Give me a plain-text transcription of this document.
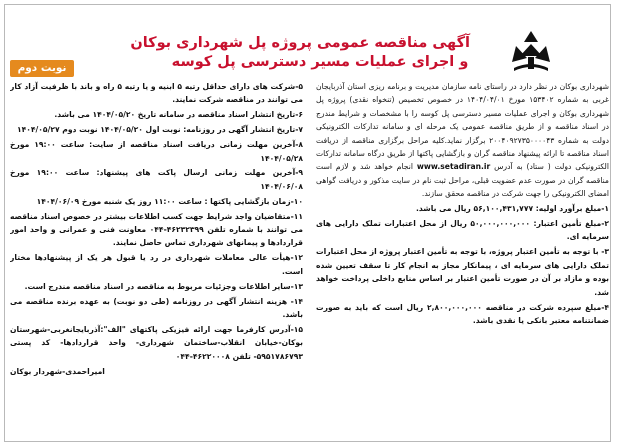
آگهی مناقصه عمومی پروژه پل شهرداری بوکان
و اجرای عملیات مسیر دسترسی پل کوسه
نوبت دوم

شهرداری بوکان در نظر دارد در راستای نامه سازمان مدیریت و برنامه ریزی استان آذربایجان غربی به شماره ۱۵۳۴۰۲ مورخ ۱۴۰۴/۰۴/۰۱ در خصوص تخصیص (تنخواه نقدی) پروژه پل شهرداری بوکان و اجرای عملیات مسیر دسترسی پل کوسه را با مشخصات و شرایط مندرج در اسناد مناقصه و از طریق مناقصه عمومی یک مرحله ای و سامانه تدارکات الکترونیکی دولت به شماره ۲۰۰۴۰۹۲۷۳۵۰۰۰۰۴۳ برگزار نماید.کلیه مراحل برگزاری مناقصه از دریافت اسناد مناقصه تا ارائه پیشنهاد مناقصه گران و بازگشایی پاکتها از طریق درگاه سامانه تدارکات الکترونیکی دولت ( ستاد) به آدرس www.setadiran.ir انجام خواهد شد و لازم است مناقصه گران در صورت عدم عضویت قبلی، مراحل ثبت نام در سایت مذکور و دریافت گواهی امضای الکترونیکی را جهت شرکت در مناقصه محقق سازند.

۱-مبلغ برآورد اولیه: ۵۶,۱۰۰,۴۳۱,۷۷۷ ریال می باشد.

۲-مبلغ تأمین اعتبار: ۵۰,۰۰۰,۰۰۰,۰۰۰ ریال از محل اعتبارات تملک دارایی های سرمایه ای.

۳- با توجه به تأمین اعتبار پروژه، با توجه به تأمین اعتبار پروژه از محل اعتبارات تملک دارایی های سرمایه ای ، پیمانکار مجاز به انجام کار تا سقف تعیین شده بوده و مازاد بر آن در صورت تأمین اعتبار بر اساس منابع داخلی پرداخت خواهد شد.

۴-مبلغ سپرده شرکت در مناقصه ۲,۸۰۰,۰۰۰,۰۰۰ ریال است که باید به صورت ضمانتنامه معتبر بانکی یا نقدی باشد.

۵-شرکت های دارای حداقل رتبه ۵ ابنیه و یا رتبه ۵ راه و باند با ظرفیت آزاد کار می توانند در مناقصه شرکت نمایند.

۶-تاریخ انتشار اسناد مناقصه در سامانه تاریخ ۱۴۰۴/۰۵/۲۰ می باشد.

۷-تاریخ انتشار آگهی در روزنامه: نوبت اول ۱۴۰۴/۰۵/۲۰ نوبت دوم ۱۴۰۴/۰۵/۲۷

۸-آخرین مهلت زمانی دریافت اسناد مناقصه از سایت: ساعت ۱۹:۰۰ مورخ ۱۴۰۴/۰۵/۲۸

۹-آخرین مهلت زمانی ارسال پاکت های پیشنهاد: ساعت ۱۹:۰۰ مورخ ۱۴۰۴/۰۶/۰۸

۱۰-زمان بازگشایی پاکتها : ساعت ۱۱:۰۰ روز یک شنبه مورخ ۱۴۰۴/۰۶/۰۹

۱۱-متقاضیان واجد شرایط جهت کسب اطلاعات بیشتر در خصوص اسناد مناقصه می توانند با شماره تلفن ۴۶۲۳۲۳۹۹-۰۴۴ معاونت فنی و عمرانی و واحد امور قراردادها و پیمانهای شهرداری تماس حاصل نمایند.

۱۲-هیأت عالی معاملات شهرداری در رد یا قبول هر یک از پیشنهادها مختار است.

۱۳-سایر اطلاعات وجزئیات مربوط به مناقصه در اسناد مناقصه مندرج است.

۱۴- هزینه انتشار آگهی در روزنامه (طی دو نوبت) به عهده برنده مناقصه می باشد.

۱۵-آدرس کارفرما جهت ارائه فیزیکی پاکتهای "الف":آذربایجانغربی-شهرستان بوکان-خیابان انقلاب-ساختمان شهرداری- واحد قراردادها- کد پستی ۵۹۵۱۷۸۶۷۹۳- تلفن ۴۶۲۲۰۰۰۸-۰۴۴

امیراحمدی-شهردار بوکان
